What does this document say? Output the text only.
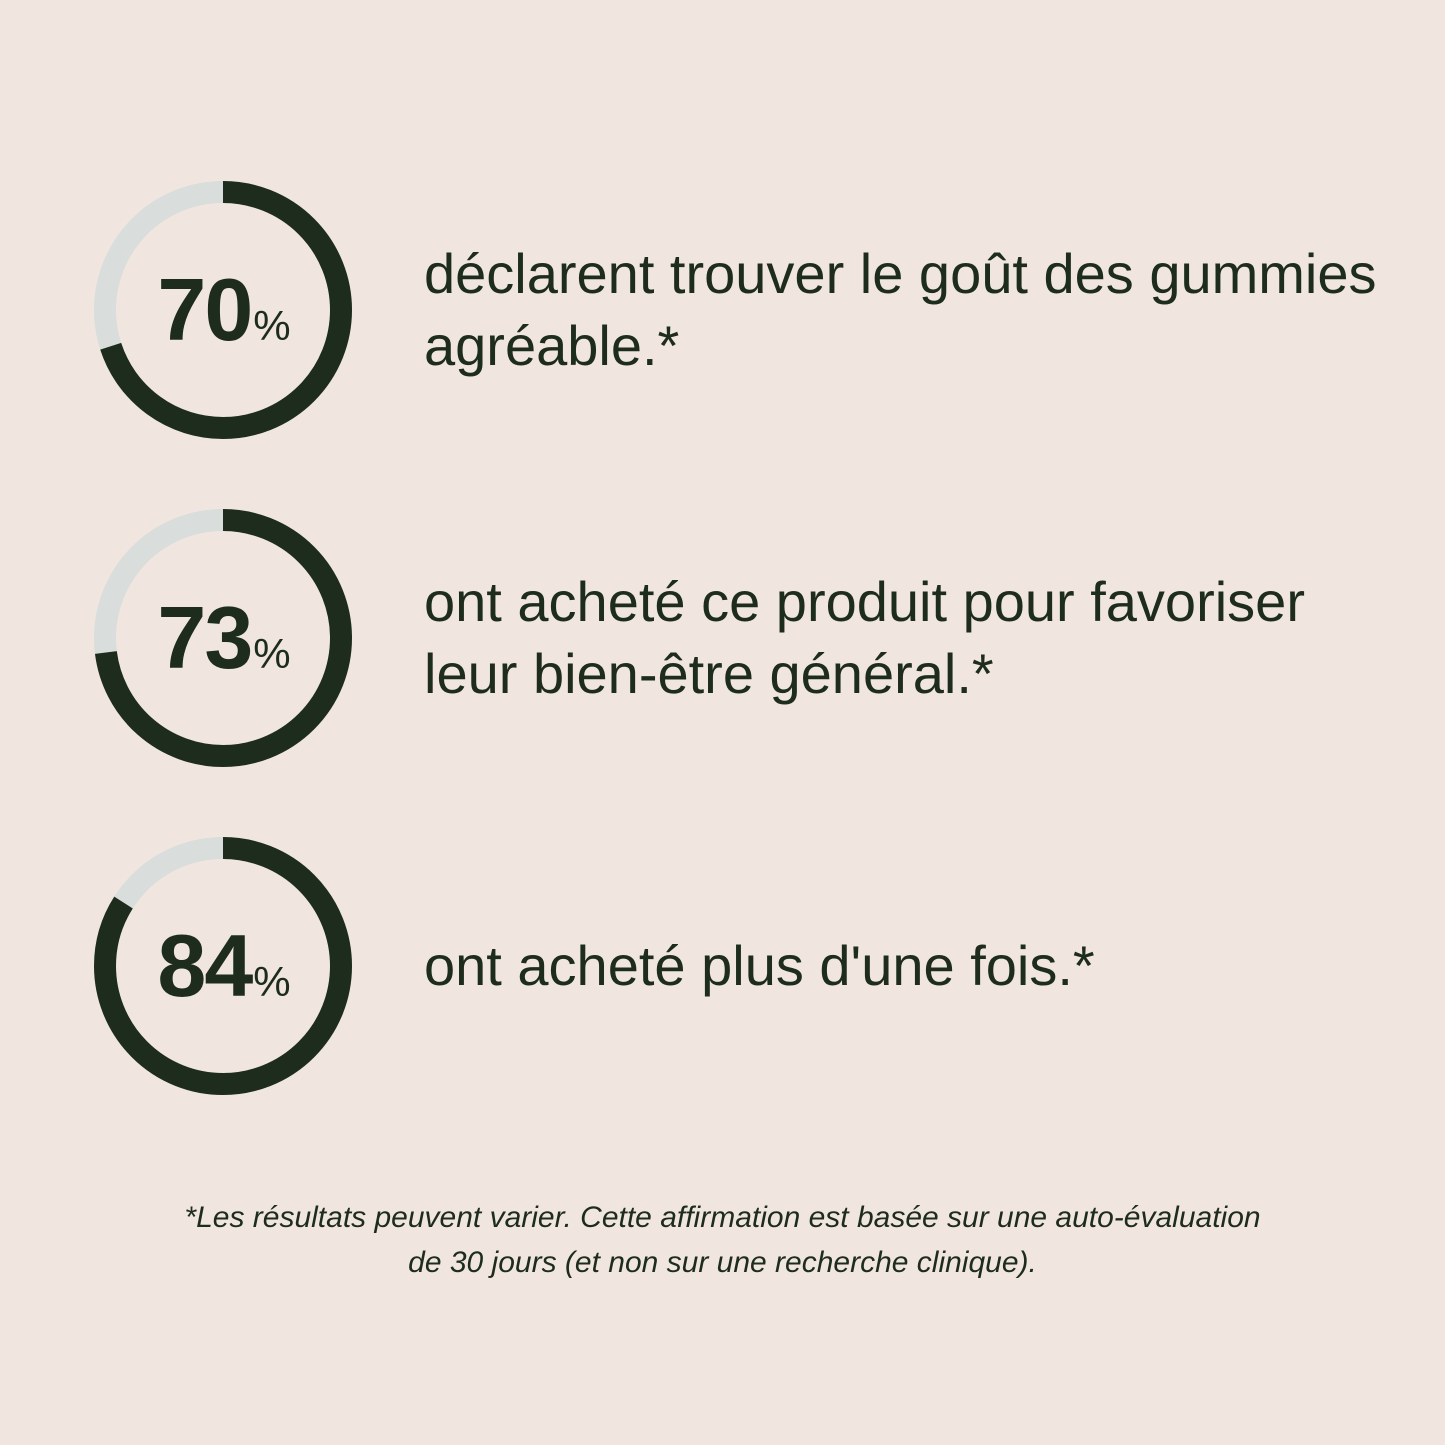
70 %
déclarent trouver le goût des gummies agréable.*
73 %
ont acheté ce produit pour favoriser leur bien-être général.*
84 % ont acheté plus d'une fois.*
*Les résultats peuvent varier. Cette affirmation est basée sur une auto-évaluation de 30 jours (et non sur une recherche clinique).
